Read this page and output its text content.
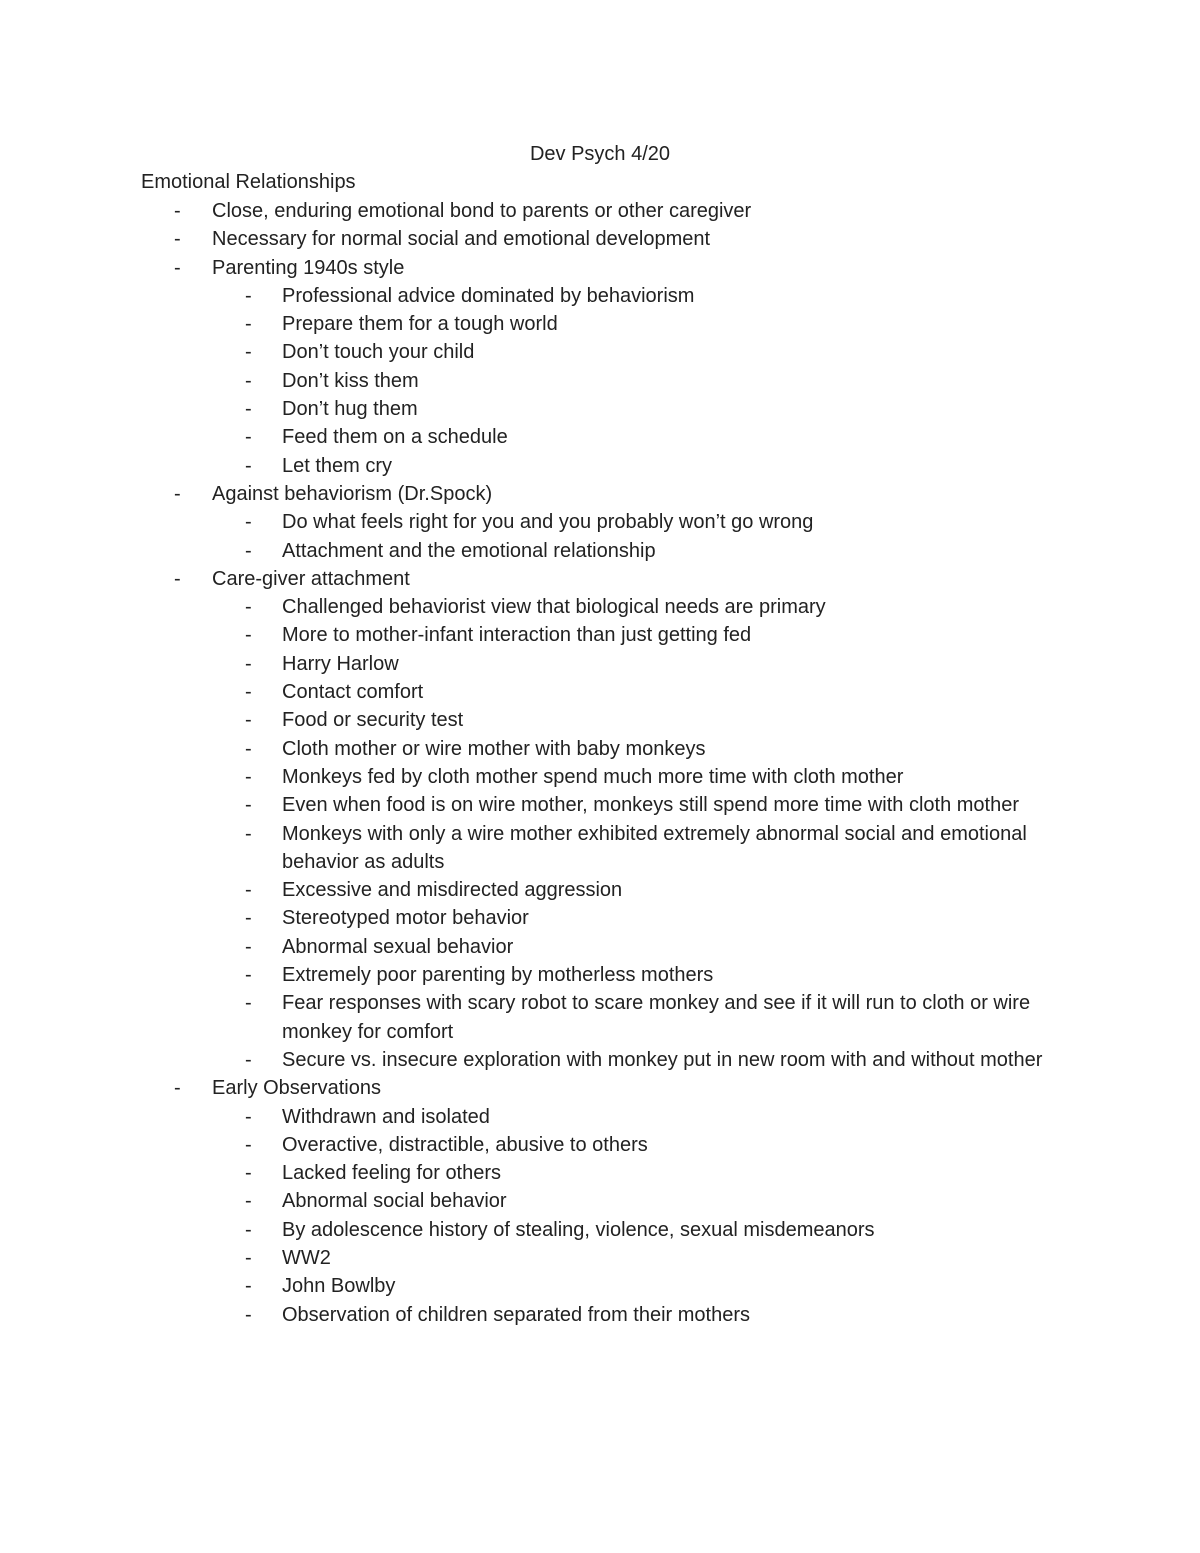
Dev Psych 4/20
Emotional Relationships
- Close, enduring emotional bond to parents or other caregiver
- Necessary for normal social and emotional development
- Parenting 1940s style
- Professional advice dominated by behaviorism
- Prepare them for a tough world
- Don’t touch your child
- Don’t kiss them
- Don’t hug them
- Feed them on a schedule
- Let them cry
- Against behaviorism (Dr.Spock)
- Do what feels right for you and you probably won’t go wrong
- Attachment and the emotional relationship
- Care-giver attachment
- Challenged behaviorist view that biological needs are primary
- More to mother-infant interaction than just getting fed
- Harry Harlow
- Contact comfort
- Food or security test
- Cloth mother or wire mother with baby monkeys
- Monkeys fed by cloth mother spend much more time with cloth mother
- Even when food is on wire mother, monkeys still spend more time with cloth mother
- Monkeys with only a wire mother exhibited extremely abnormal social and emotional behavior as adults
- Excessive and misdirected aggression
- Stereotyped motor behavior
- Abnormal sexual behavior
- Extremely poor parenting by motherless mothers
- Fear responses with scary robot to scare monkey and see if it will run to cloth or wire monkey for comfort
- Secure vs. insecure exploration with monkey put in new room with and without mother
- Early Observations
- Withdrawn and isolated
- Overactive, distractible, abusive to others
- Lacked feeling for others
- Abnormal social behavior
- By adolescence history of stealing, violence, sexual misdemeanors
- WW2
- John Bowlby
- Observation of children separated from their mothers
